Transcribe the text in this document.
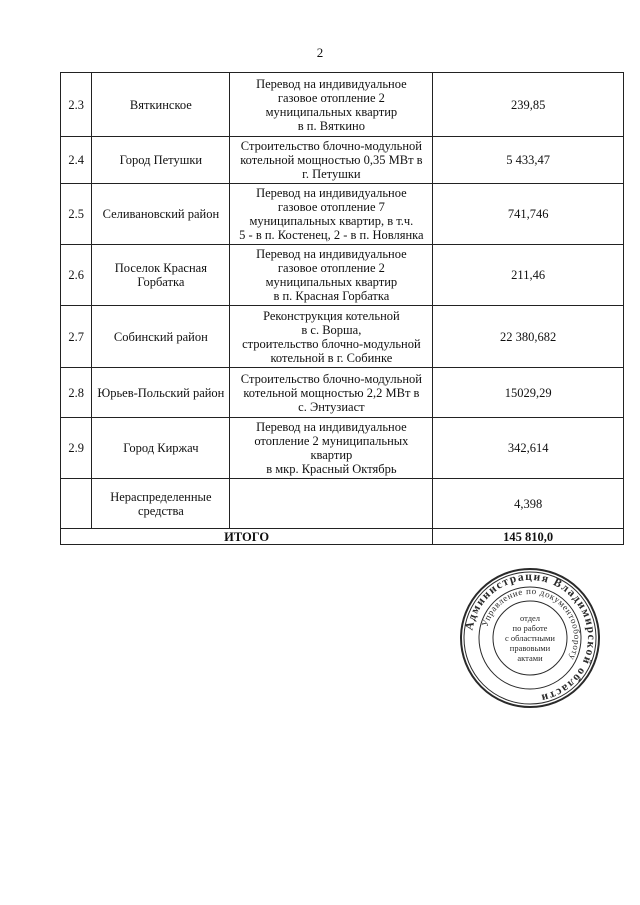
2
2.3	Вяткинское	Перевод на индивидуальное
газовое отопление 2
муниципальных квартир
в п. Вяткино	239,85
2.4	Город Петушки	Строительство блочно-модульной
котельной мощностью 0,35 МВт в
г. Петушки	5 433,47
2.5	Селивановский район	Перевод на индивидуальное
газовое отопление 7
муниципальных квартир, в т.ч.
5 - в п. Костенец, 2 - в п. Новлянка	741,746
2.6	Поселок Красная Горбатка	Перевод на индивидуальное
газовое отопление 2
муниципальных квартир
в п. Красная Горбатка	211,46
2.7	Собинский район	Реконструкция котельной
в с. Ворша,
строительство блочно-модульной
котельной в г. Собинке	22 380,682
2.8	Юрьев-Польский район	Строительство блочно-модульной
котельной мощностью 2,2 МВт в
с. Энтузиаст	15029,29
2.9	Город Киржач	Перевод на индивидуальное
отопление 2 муниципальных
квартир
в мкр. Красный Октябрь	342,614
	Нераспределенные средства		4,398
ИТОГО			145 810,0
Администрация Владимирской области
Управление по документообороту
отдел
по работе
с областными
правовыми
актами
